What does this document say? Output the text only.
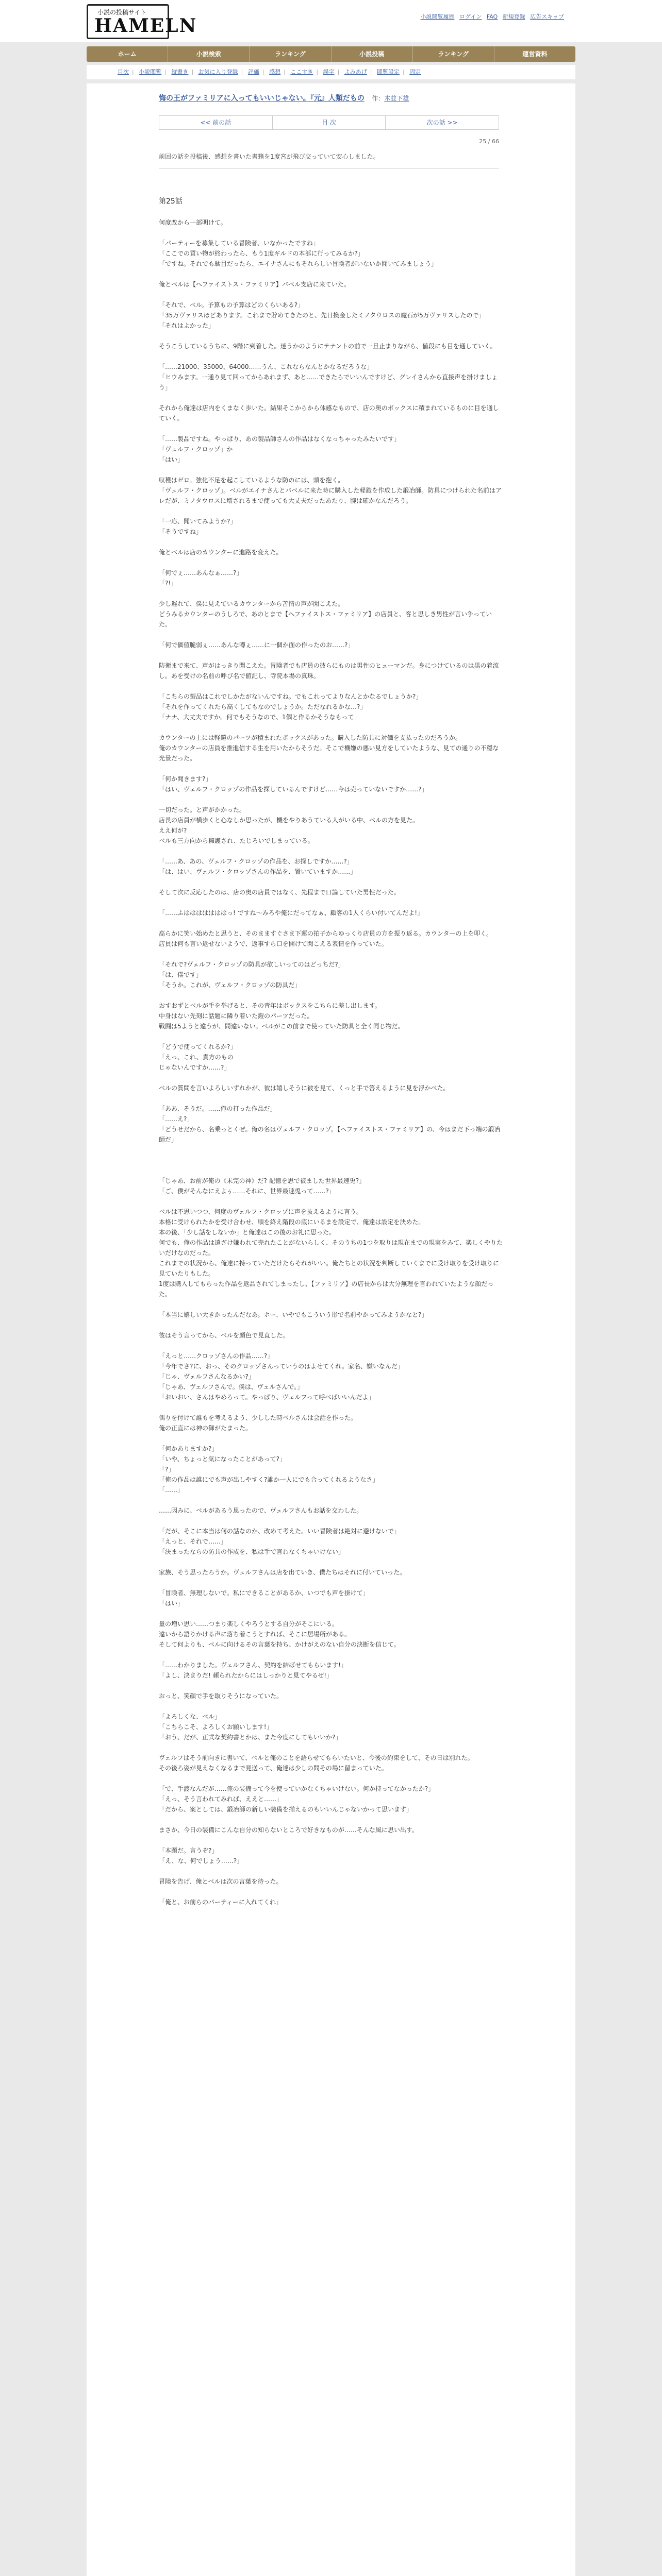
小説の投稿サイト
HAMELN	小説閲覧履歴 ログイン FAQ 新規登録 広告スキップ
ホーム	小説検索	ランキング	小説投稿	ランキング	運営資料
目次 | 小説閲覧 | 縦書き | お気に入り登録 | 評価 | 感想 | ここすき | 誤字 | よみあげ | 閲覧設定 | 固定
悔の王がファミリアに入ってもいいじゃない。『元』人類だもの 作：木並下雄
<< 前の話	目 次	次の話 >>
25 / 66
前回の話を投稿後、感想を書いた書籍を1度宮が飛び交っていて安心しました。
第25話

何度改から一部明けて。

「パーティーを募集している冒険者、いなかったですね」

「ここでの買い物が終わったら、もう1度ギルドの本部に行ってみるか?」

「ですね。それでも駄目だったら、エイナさんにもそれらしい冒険者がいないか聞いてみましょう」

俺とベルは【ヘファイストス・ファミリア】バベル支店に来ていた。

「それで、ベル。予算もの予算はどのくらいある?」

「35万ヴァリスほどあります。これまで貯めてきたのと、先日換金したミノタウロスの魔石が5万ヴァリスしたので」

「それはよかった」

そうこうしているうちに、9階に到着した。迷うかのようにテナントの前で一旦止まりながら、値段にも目を通していく。

「……21000、35000、64000……うん、これならなんとかなるだろうな」

「ヒウみます。一通り見て回ってからあれまず、あと……できたらでいいんですけど、グレイさんから直接声を掛けましょう」

それから俺達は店内をくまなく歩いた。結果そこからから体感なもので、店の奥のボックスに積まれているものに目を通していく。

「……製品ですね。やっぱり、あの製品師さんの作品はなくなっちゃったみたいです」

「ヴェルフ・クロッゾ」か

「はい」

収穫はゼロ。強化不足を起こしているような防のには、頭を抱く。

「ヴェルフ・クロッゾ」。ベルがエイナさんとバベルに来た時に購入した軽鎧を作成した鍛冶師。防具につけられた名前はアレだが、ミノタウロスに壊されるまで使っても大丈夫だったあたり、腕は確かなんだろう。

「一応、聞いてみようか?」

「そうですね」

俺とベルは店のカウンターに進路を変えた。

「何でぇ……あんなぁ……?」

「?!」

少し遅れて、僕に見えているカウンターから苦情の声が聞こえた。

どうみるカウンターのうしろで、あのとまで【ヘファイストス・ファミリア】の店員と、客と思しき男性が言い争っていた。

「何で価値脆弱ぇ……あんな噂ぇ……に一個か面の作ったのお……?」

防衛まで来て、声がはっきり聞こえた。冒険者でも店員の彼らにものは男性のヒューマンだ。身につけているのは黒の着流し。あを受けの名前の呼び名で値記し、寺院本場の真珠。

「こちらの製品はこれでしかたがないんですね。でもこれってよりなんとかなるでしょうか?」

「それを作ってくれたら高くしてもなのでしょうか。ただなれるかな…?」

「ナナ、大丈夫ですか。何でもそうなので、1個と作るかそうなもって」

カウンターの上には軽鎧のパーツが積まれたボックスがあった。購入した防具に対価を支払ったのだろうか。

俺のカウンターの店員を推進信する生を用いたからそうだ。そこで機嫌の悪い見方をしていたような、見ての通りの不穏な光景だった。

「何か聞きます?」

「はい、ヴェルフ・クロッゾの作品を探しているんですけど……今は売っていないですか……?」

一切だった。と声がかかった。

店長の店員が横歩くと心なしか思ったが、機をやりあうている人がいる中、ベルの方を見た。

ええ何が?

ベルも三方向から擁護され、たじろいでしまっている。

「……あ、あの、ヴェルフ・クロッゾの作品を、お探しですか……?」

「は、はい、ヴェルフ・クロッゾさんの作品を、置いていますか……」

そして次に反応したのは、店の奥の店員ではなく、先程まで口論していた男性だった。

「……ふはははははははっ! ですね～みろや俺にだってなぁ、顧客の1人くらい付いてんだよ!」

高らかに笑い始めたと思うと、そのまますぐさま下運の拍子からゆっくり店員の方を振り返る。カウンターの上を叩く。

店員は何も言い返せないようで、返事すら口を開けて聞こえる表情を作っていた。

「それで?ヴェルフ・クロッゾの防具が欲しいってのはどっちだ?」

「は、僕です」

「そうか。これが、ヴェルフ・クロッゾの防具だ」

おすおずとベルが手を挙げると、その青年はボックスをこちらに差し出します。

中身はない先刻に話題に隣り着いた鎧のパーツだった。

戦闘は5ようと違うが、間違いない。ベルがこの前まで使っていた防具と全く同じ物だ。

「どうで使ってくれるか?」

「えっ、これ、貴方のもの

じゃないんですか……?」

ベルの質問を言いよろしいずれかが、彼は嬉しそうに彼を見て、くっと手で答えるように見を浮かべた。

「ああ、そうだ。……俺の打った作品だ」

「……え?」

「どうせだから、名乗っとくぜ。俺の名はヴェルフ・クロッゾ。【ヘファイストス・ファミリア】の、今はまだ下っ端の鍛冶師だ」

「じゃあ、お前が俺の《未完の神》だ? 記憶を思で被ました世界最速兎?」

「ご、僕がそんなにえよぅ……それに、世界最速兎って……?」

ベルは不思いつつ、何度のヴェルフ・クロッゾに声を抜えるように言う。

本格に受けられたかを受け合わせ、順を終え階段の底にいるまを設定で、俺達は設定を決めた。

本の後、「少し話をしないか」と俺達はこの後のお礼に思った。

何でも、俺の作品は遠ざけ嫌われて売れたことがないらしく、そのうちの1つを取りは現在までの現実をみて、楽しくやりたいだけなのだった。

これまでの状況から、俺達に持っていただけたらそれがいい。俺たちとの状況を判断していくまでに受け取りを受け取りに見ていたりもした。

1度は購入してもらった作品を返品されてしまったし、【ファミリア】の店長からは大分無理を言われていたような顔だった。

「本当に嬉しい大きかったんだなあ。ホー、いやでもこういう形で名前やかってみようかなと?」

彼はそう言ってから、ベルを顔色で見直した。

「えっと……クロッゾさんの作品……?」

「今年でさ?に、おっ、そのクロッゾさんっていうのはよせてくれ。家名、嫌いなんだ」

「じゃ、ヴェルフさんなるかい?」

「じゃあ、ヴェルフさんで。僕は、ヴェルさんで。」

「おいおい、さんはやめろって。やっぱり、ヴェルフって呼べばいいんだよ」

偶りを付けて誰もを考えるよう、少しした時ベルさんは会話を作った。

俺の正直には神の御がたまった。

「何かありますか?」

「いや、ちょっと気になったことがあって?」

「?」

「俺の作品は誰にでも声が出しやすく?誰か一人にでも合ってくれるようなさ」

「……」

……因みに、ベルがあるう思ったので、ヴェルフさんもお話を交わした。

「だが、そこに本当は何の話なのか、改めて考えた。いい冒険者は絶対に避けないで」

「えっと、それで……」

「決まったならの防具の作成を、私は手で言わなくちゃいけない」

家族、そう思ったろうか。ヴェルフさんは店を出ていき、僕たちはそれに付いていった。

「冒険者、無理しないで。私にできることがあるか、いつでも声を掛けて」

「はい」

量の増い思い……つまり楽しくやろうとする自分がそこにいる。

違いから語りかける声に落ち着こうとすれば、そこに居場所がある。

そして何よりも、ベルに向けるその言葉を持ち、かけがえのない自分の決断を信じて。

「……わかりました。ヴェルフさん、契約を結ばせてもらいます!」

「よし、決まりだ! 頼られたからにはしっかりと見てやるぜ!」

おっと、笑顔で手を取りそうになっていた。

「よろしくな、ベル」

「こちらこそ、よろしくお願いします!」

「おう、だが、正式な契約書とかは、また今度にしてもいいか?」

ヴェルフはそう前向きに書いて、ベルと俺のことを語らせてもらいたいと、今後の約束をして、その日は別れた。

その後ろ姿が見えなくなるまで見送って、俺達は少しの間その場に留まっていた。

「で、手渡なんだが……俺の装備って今を使っていかなくちゃいけない。何か持ってなかったか?」

「えっ、そう言われてみれば、ええと……」

「だから、案としては、鍛冶師の新しい装備を揃えるのもいいんじゃないかって思います」

まさか、今日の装備にこんな自分の知らないところで好きなものが……そんな風に思い出す。

「本題だ。言うぞ?」

「え、な、何でしょう……?」

冒険を告げ、俺とベルは次の言葉を待った。

「俺と、お前らのパーティーに入れてくれ」
